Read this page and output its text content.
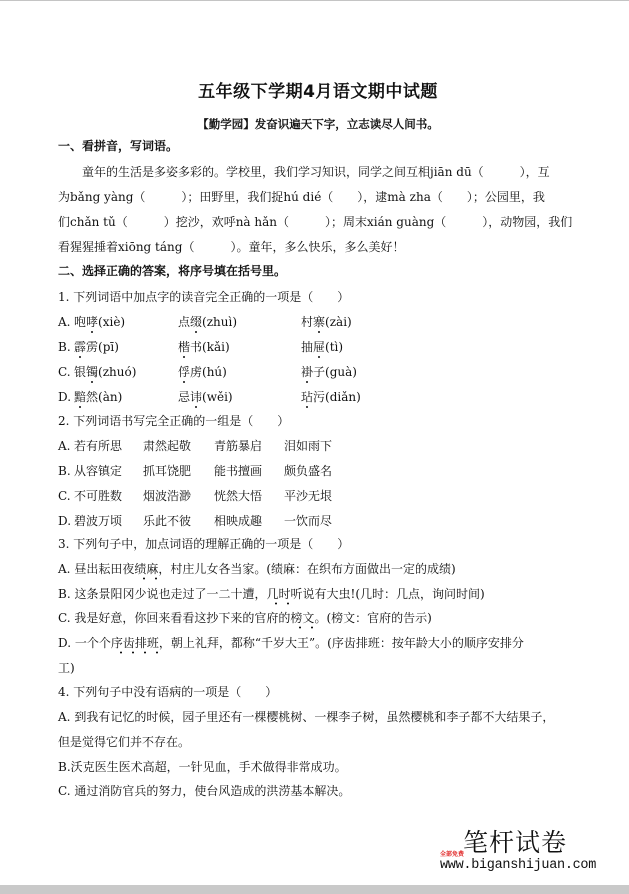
五年级下学期4月语文期中试题
【勤学园】发奋识遍天下字，立志读尽人间书。
一、看拼音，写词语。
　　童年的生活是多姿多彩的。学校里，我们学习知识，同学之间互相jiān dū（　　　），互
为bǎng yàng（　　　）；田野里，我们捉hú dié（　　），逮mà zha（　　）；公园里，我
们chǎn tǔ（　　　）挖沙，欢呼nà hǎn（　　　）；周末xián guàng（　　　），动物园，我们
看猩猩捶着xiōng táng（　　　）。童年，多么快乐，多么美好！
二、选择正确的答案，将序号填在括号里。
1. 下列词语中加点字的读音完全正确的一项是（　　）
A. 咆哮(xiè)	点缀(zhuì)	村寨(zài)
B. 霹雳(pī)	楷书(kǎi)	抽屉(tì)
C. 银镯(zhuó)	俘虏(hú)	褂子(guà)
D. 黯然(àn)	忌讳(wěi)	玷污(diǎn)
2. 下列词语书写完全正确的一组是（　　）
A. 若有所思 肃然起敬 青筋暴启 泪如雨下
B. 从容镇定 抓耳饶肥 能书擅画 颇负盛名
C. 不可胜数 烟波浩渺 恍然大悟 平沙无垠
D. 碧波万顷 乐此不彼 相映成趣 一饮而尽
3. 下列句子中，加点词语的理解正确的一项是（　　）
A. 昼出耘田夜绩麻，村庄儿女各当家。(绩麻：在织布方面做出一定的成绩)
B. 这条景阳冈少说也走过了一二十遭，几时听说有大虫!(几时：几点，询问时间)
C. 我是好意，你回来看看这抄下来的官府的榜文。(榜文：官府的告示)
D. 一个个序齿排班，朝上礼拜，都称“千岁大王”。(序齿排班：按年龄大小的顺序安排分
工)
4. 下列句子中没有语病的一项是（　　）
A. 到我有记忆的时候，园子里还有一棵樱桃树、一棵李子树，虽然樱桃和李子都不大结果子，
但是觉得它们并不存在。
B.沃克医生医术高超，一针见血，手术做得非常成功。
C. 通过消防官兵的努力，使台风造成的洪涝基本解决。
笔杆试卷
全部免费
www.biganshijuan.com
